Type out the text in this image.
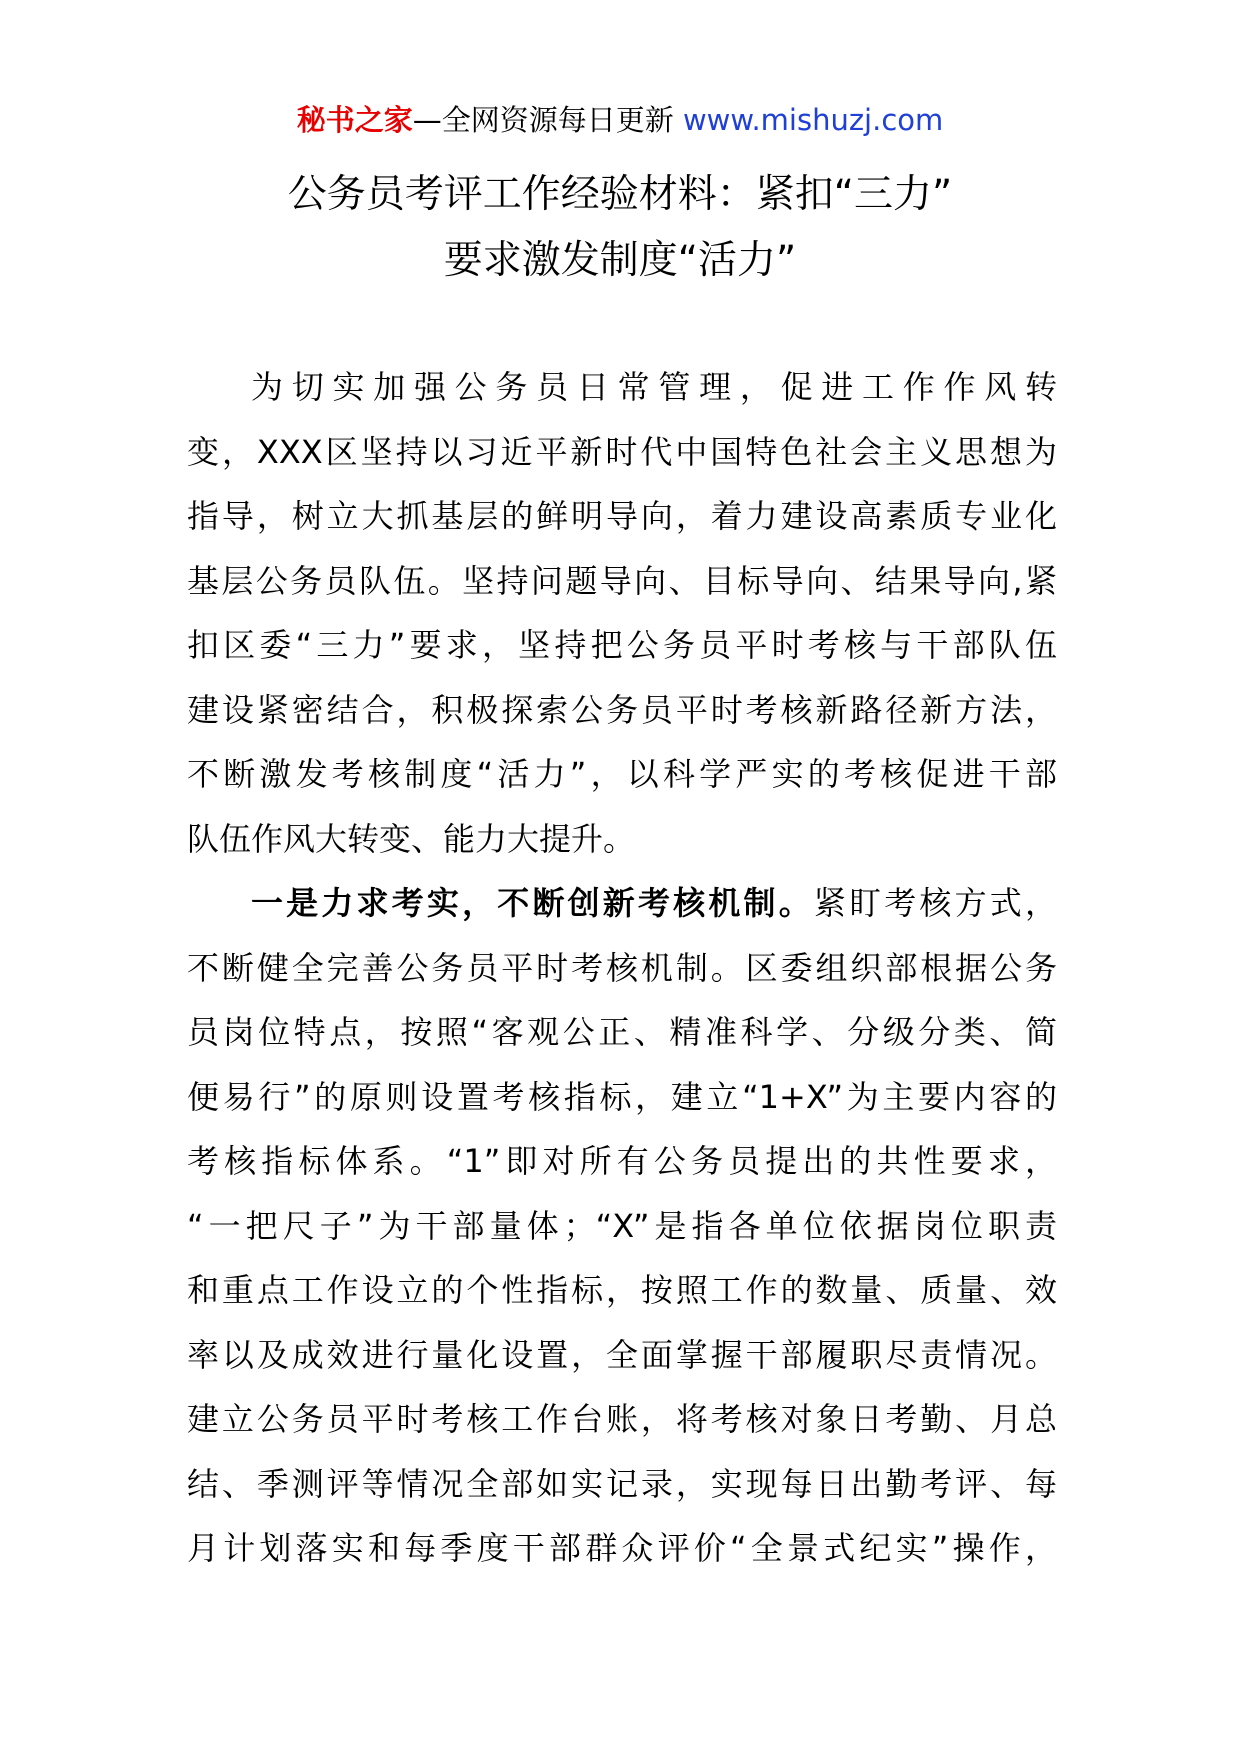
秘书之家—全网资源每日更新 www.mishuzj.com
公务员考评工作经验材料：紧扣“三力”
要求激发制度“活力”
为切实加强公务员日常管理，促进工作作风转
变，XXX区坚持以习近平新时代中国特色社会主义思想为
指导，树立大抓基层的鲜明导向，着力建设高素质专业化
基层公务员队伍。坚持问题导向、目标导向、结果导向,紧
扣区委“三力”要求，坚持把公务员平时考核与干部队伍
建设紧密结合，积极探索公务员平时考核新路径新方法，
不断激发考核制度“活力”，以科学严实的考核促进干部
队伍作风大转变、能力大提升。
一是力求考实，不断创新考核机制。紧盯考核方式，
不断健全完善公务员平时考核机制。区委组织部根据公务
员岗位特点，按照“客观公正、精准科学、分级分类、简
便易行”的原则设置考核指标，建立“1+X”为主要内容的
考核指标体系。“1”即对所有公务员提出的共性要求，
“一把尺子”为干部量体；“X”是指各单位依据岗位职责
和重点工作设立的个性指标，按照工作的数量、质量、效
率以及成效进行量化设置，全面掌握干部履职尽责情况。
建立公务员平时考核工作台账，将考核对象日考勤、月总
结、季测评等情况全部如实记录，实现每日出勤考评、每
月计划落实和每季度干部群众评价“全景式纪实”操作，
